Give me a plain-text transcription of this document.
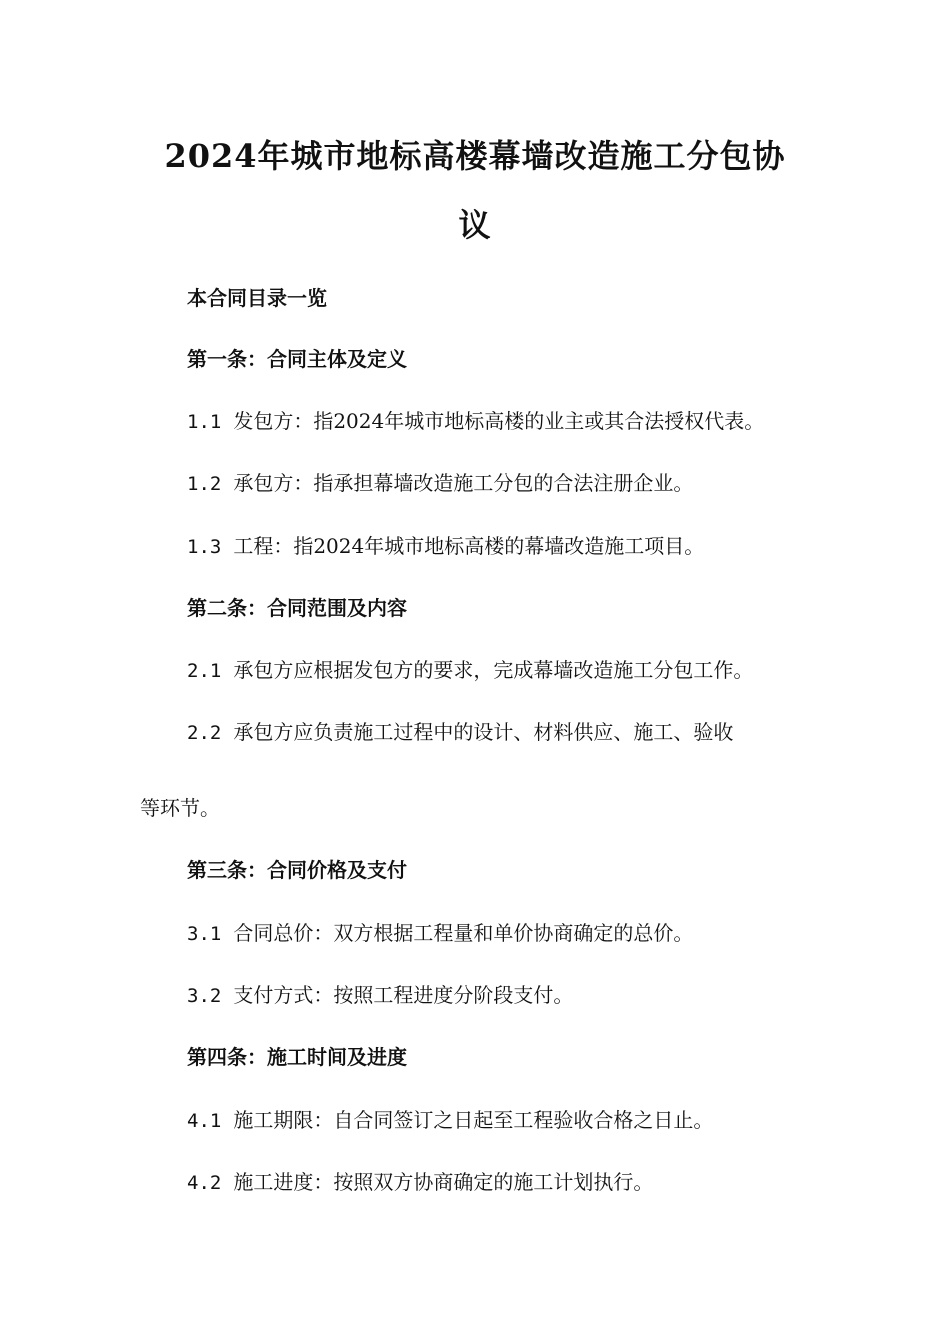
2024年城市地标高楼幕墙改造施工分包协
议
本合同目录一览
第一条：合同主体及定义
1.1 发包方：指2024年城市地标高楼的业主或其合法授权代表。
1.2 承包方：指承担幕墙改造施工分包的合法注册企业。
1.3 工程：指2024年城市地标高楼的幕墙改造施工项目。
第二条：合同范围及内容
2.1 承包方应根据发包方的要求，完成幕墙改造施工分包工作。
2.2 承包方应负责施工过程中的设计、材料供应、施工、验收
等环节。
第三条：合同价格及支付
3.1 合同总价：双方根据工程量和单价协商确定的总价。
3.2 支付方式：按照工程进度分阶段支付。
第四条：施工时间及进度
4.1 施工期限：自合同签订之日起至工程验收合格之日止。
4.2 施工进度：按照双方协商确定的施工计划执行。
